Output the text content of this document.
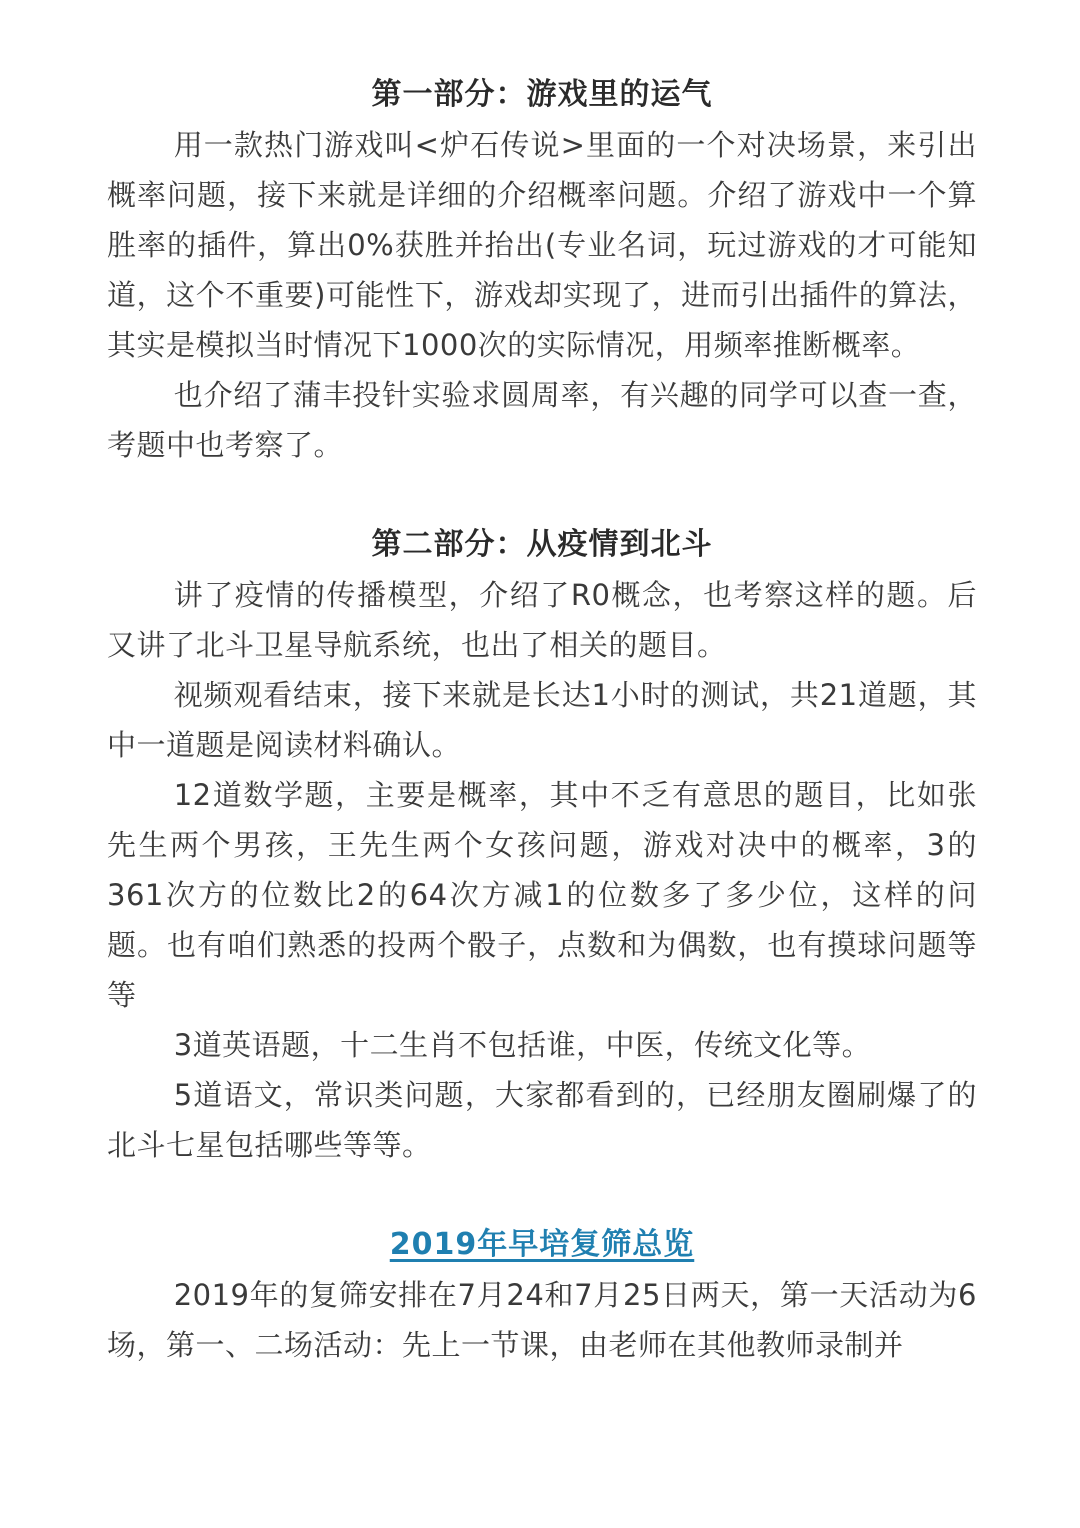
第一部分：游戏里的运气

用一款热门游戏叫<炉石传说>里面的一个对决场景，来引出概率问题，接下来就是详细的介绍概率问题。介绍了游戏中一个算胜率的插件，算出0%获胜并抬出(专业名词，玩过游戏的才可能知道，这个不重要)可能性下，游戏却实现了，进而引出插件的算法，其实是模拟当时情况下1000次的实际情况，用频率推断概率。

也介绍了蒲丰投针实验求圆周率，有兴趣的同学可以查一查，考题中也考察了。

第二部分：从疫情到北斗

讲了疫情的传播模型，介绍了R0概念，也考察这样的题。后又讲了北斗卫星导航系统，也出了相关的题目。

视频观看结束，接下来就是长达1小时的测试，共21道题，其中一道题是阅读材料确认。

12道数学题，主要是概率，其中不乏有意思的题目，比如张先生两个男孩，王先生两个女孩问题，游戏对决中的概率，3的361次方的位数比2的64次方减1的位数多了多少位，这样的问题。也有咱们熟悉的投两个骰子，点数和为偶数，也有摸球问题等等

3道英语题，十二生肖不包括谁，中医，传统文化等。

5道语文，常识类问题，大家都看到的，已经朋友圈刷爆了的北斗七星包括哪些等等。

2019年早培复筛总览

2019年的复筛安排在7月24和7月25日两天，第一天活动为6场，第一、二场活动：先上一节课，由老师在其他教师录制并
